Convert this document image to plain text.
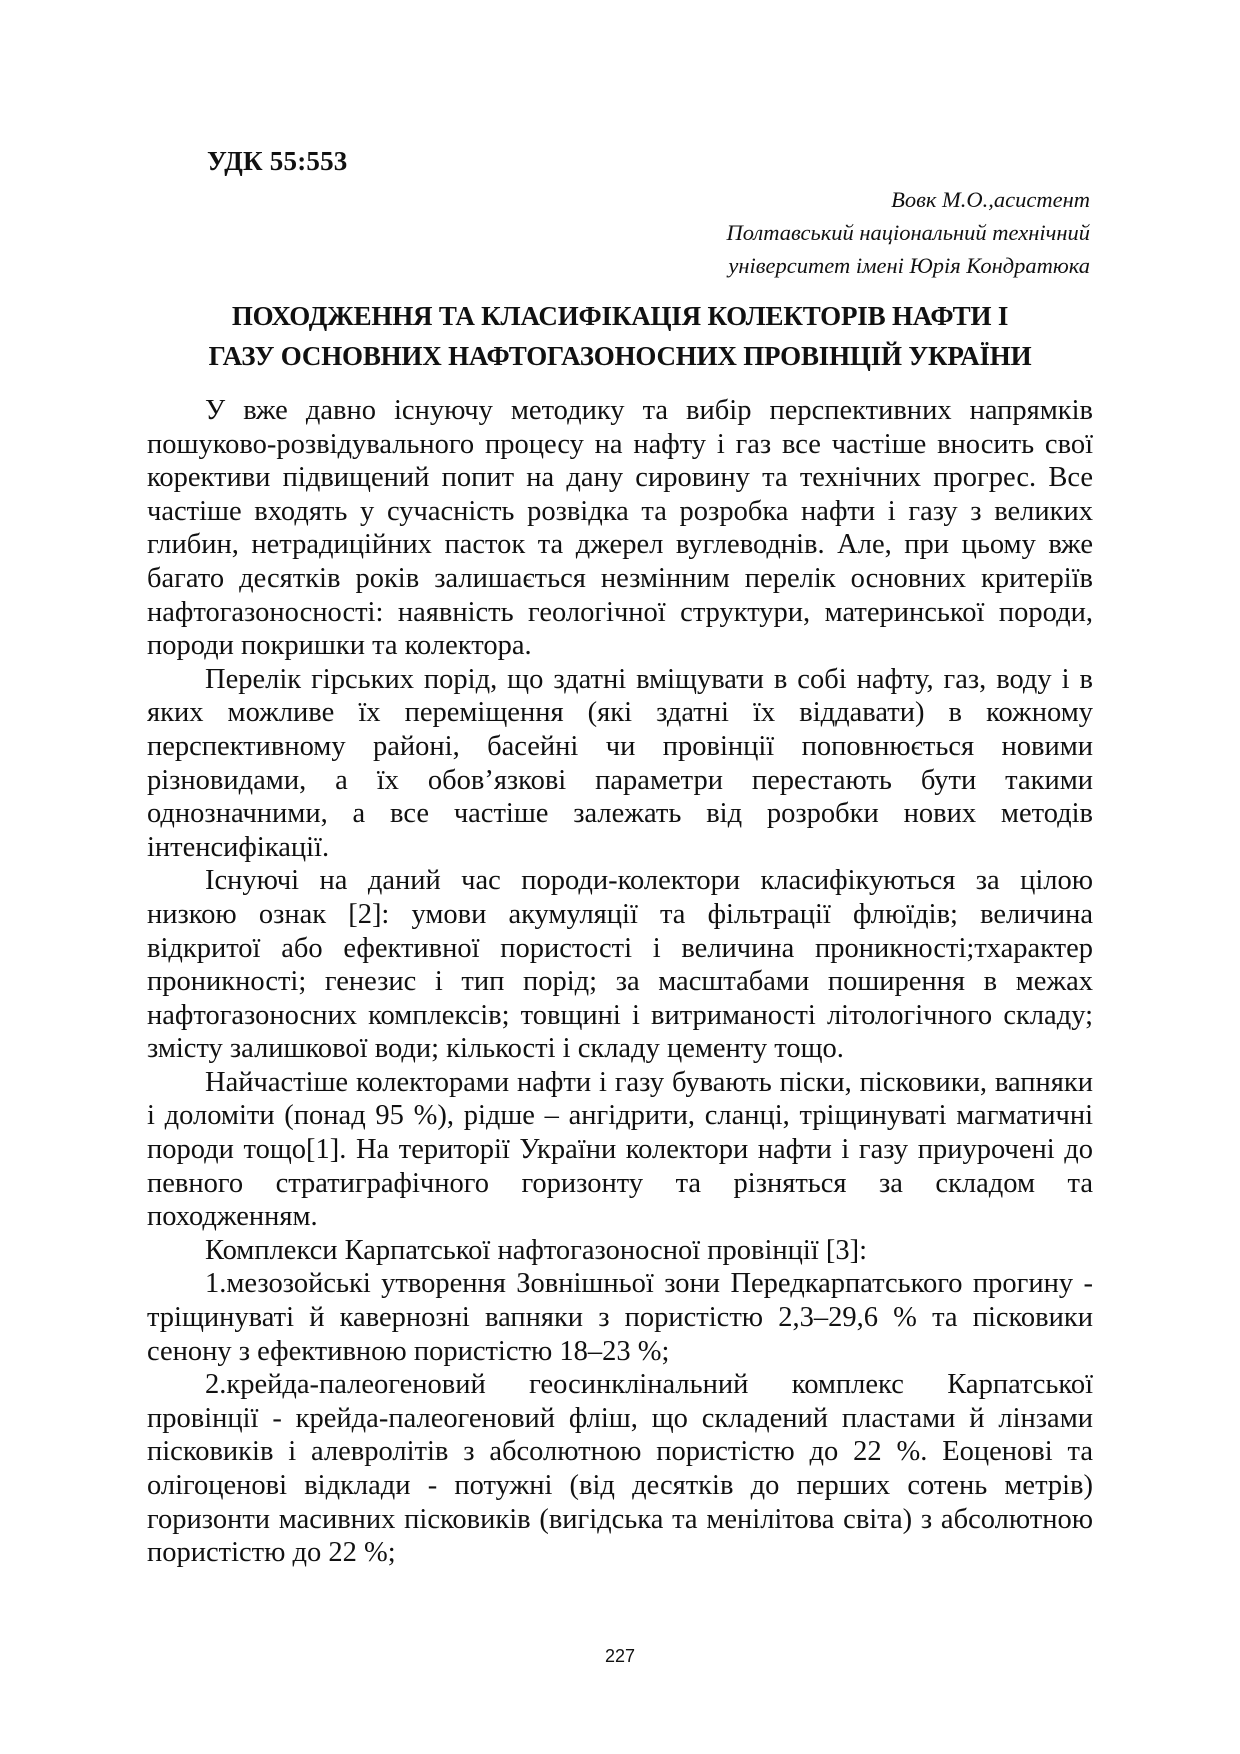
УДК 55:553
Вовк М.О.,асистент
Полтавський національний технічний
університет імені Юрія Кондратюка
ПОХОДЖЕННЯ ТА КЛАСИФІКАЦІЯ КОЛЕКТОРІВ НАФТИ І
ГАЗУ ОСНОВНИХ НАФТОГАЗОНОСНИХ ПРОВІНЦІЙ УКРАЇНИ

У вже давно існуючу методику та вибір перспективних напрямків пошуково-розвідувального процесу на нафту і газ все частіше вносить свої корективи підвищений попит на дану сировину та технічних прогрес. Все частіше входять у сучасність розвідка та розробка нафти і газу з великих глибин, нетрадиційних пасток та джерел вуглеводнів. Але, при цьому вже багато десятків років залишається незмінним перелік основних критеріїв нафтогазоносності: наявність геологічної структури, материнської породи, породи покришки та колектора.

Перелік гірських порід, що здатні вміщувати в собі нафту, газ, воду і в яких можливе їх переміщення (які здатні їх віддавати) в кожному перспективному районі, басейні чи провінції поповнюється новими різновидами, а їх обов’язкові параметри перестають бути такими однозначними, а все частіше залежать від розробки нових методів інтенсифікації.

Існуючі на даний час породи-колектори класифікуються за цілою низкою ознак [2]: умови акумуляції та фільтрації флюїдів; величина відкритої або ефективної пористості і величина проникності;тхарактер проникності; генезис і тип порід; за масштабами поширення в межах нафтогазоносних комплексів; товщині і витриманості літологічного складу; змісту залишкової води; кількості і складу цементу тощо.

Найчастіше колекторами нафти і газу бувають піски, пісковики, вапняки і доломіти (понад 95 %), рідше – ангідрити, сланці, тріщинуваті магматичні породи тощо[1]. На території України колектори нафти і газу приурочені до певного стратиграфічного горизонту та різняться за складом та походженням.

Комплекси Карпатської нафтогазоносної провінції [3]:

1.мезозойські утворення Зовнішньої зони Передкарпатського прогину - тріщинуваті й кавернозні вапняки з пористістю 2,3–29,6 % та пісковики сенону з ефективною пористістю 18–23 %;

2.крейда-палеогеновий геосинклінальний комплекс Карпатської провінції - крейда-палеогеновий фліш, що складений пластами й лінзами пісковиків і алевролітів з абсолютною пористістю до 22 %. Еоценові та олігоценові відклади - потужні (від десятків до перших сотень метрів) горизонти масивних пісковиків (вигідська та менілітова світа) з абсолютною пористістю до 22 %;

227
